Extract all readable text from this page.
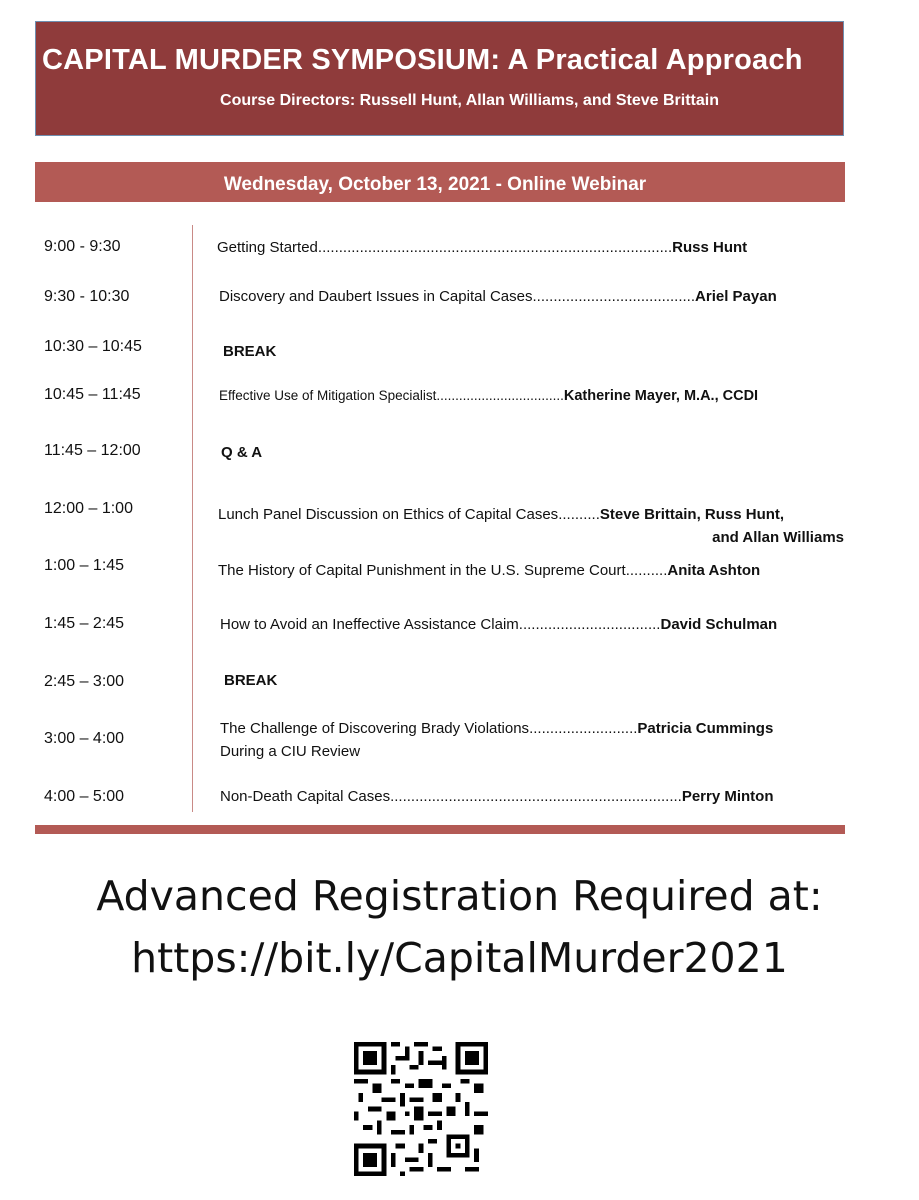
CAPITAL MURDER SYMPOSIUM: A Practical Approach
Course Directors: Russell Hunt, Allan Williams, and Steve Brittain
Wednesday, October 13, 2021 - Online Webinar
9:00 - 9:30
9:30 - 10:30
10:30 – 10:45
10:45 – 11:45
11:45 – 12:00
12:00 – 1:00
1:00 – 1:45
1:45 – 2:45
2:45 – 3:00
3:00 – 4:00
4:00 – 5:00
Getting Started.....................................................................................Russ Hunt
Discovery and Daubert Issues in Capital Cases.......................................Ariel Payan
BREAK
Effective Use of Mitigation Specialist..................................Katherine Mayer, M.A., CCDI
Q & A
Lunch Panel Discussion on Ethics of Capital Cases..........Steve Brittain, Russ Hunt,
and Allan Williams
The History of Capital Punishment in the U.S. Supreme Court..........Anita Ashton
How to Avoid an Ineffective Assistance Claim..................................David Schulman
BREAK
The Challenge of Discovering Brady Violations..........................Patricia Cummings
During a CIU Review
Non-Death Capital Cases......................................................................Perry Minton
Advanced Registration Required at:
https://bit.ly/CapitalMurder2021
